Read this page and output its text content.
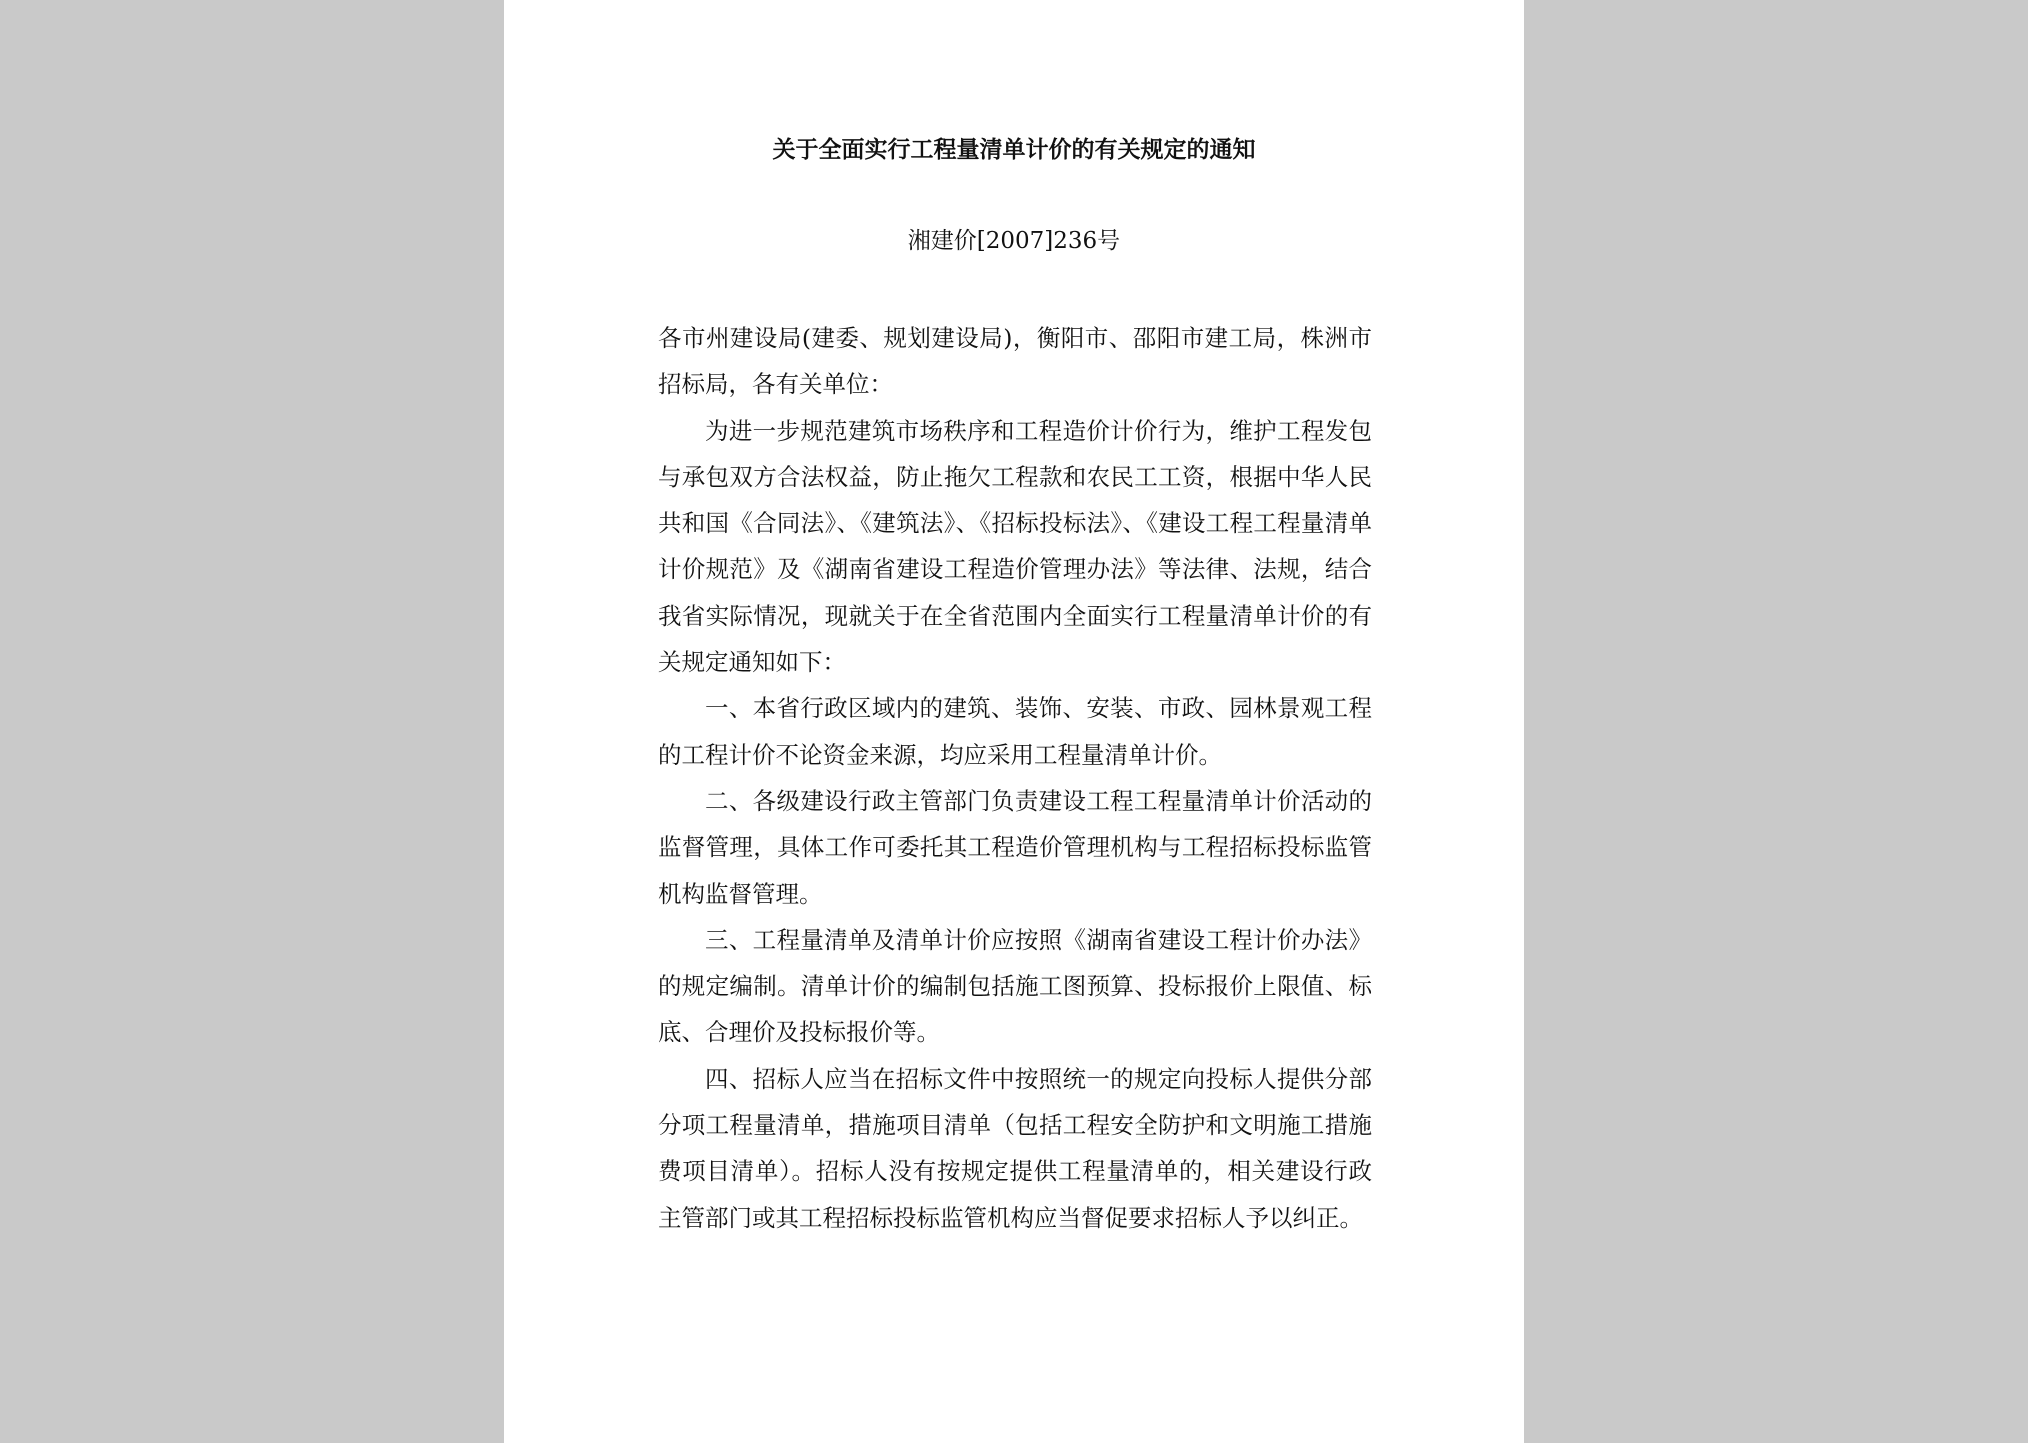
关于全面实行工程量清单计价的有关规定的通知
湘建价[2007]236号

各市州建设局(建委、规划建设局)，衡阳市、邵阳市建工局，株洲市招标局，各有关单位：

为进一步规范建筑市场秩序和工程造价计价行为，维护工程发包与承包双方合法权益，防止拖欠工程款和农民工工资，根据中华人民共和国《合同法》、《建筑法》、《招标投标法》、《建设工程工程量清单计价规范》及《湖南省建设工程造价管理办法》等法律、法规，结合我省实际情况，现就关于在全省范围内全面实行工程量清单计价的有关规定通知如下：

一、本省行政区域内的建筑、装饰、安装、市政、园林景观工程的工程计价不论资金来源，均应采用工程量清单计价。

二、各级建设行政主管部门负责建设工程工程量清单计价活动的监督管理，具体工作可委托其工程造价管理机构与工程招标投标监管机构监督管理。

三、工程量清单及清单计价应按照《湖南省建设工程计价办法》的规定编制。清单计价的编制包括施工图预算、投标报价上限值、标底、合理价及投标报价等。

四、招标人应当在招标文件中按照统一的规定向投标人提供分部分项工程量清单，措施项目清单（包括工程安全防护和文明施工措施费项目清单）。招标人没有按规定提供工程量清单的，相关建设行政主管部门或其工程招标投标监管机构应当督促要求招标人予以纠正。
